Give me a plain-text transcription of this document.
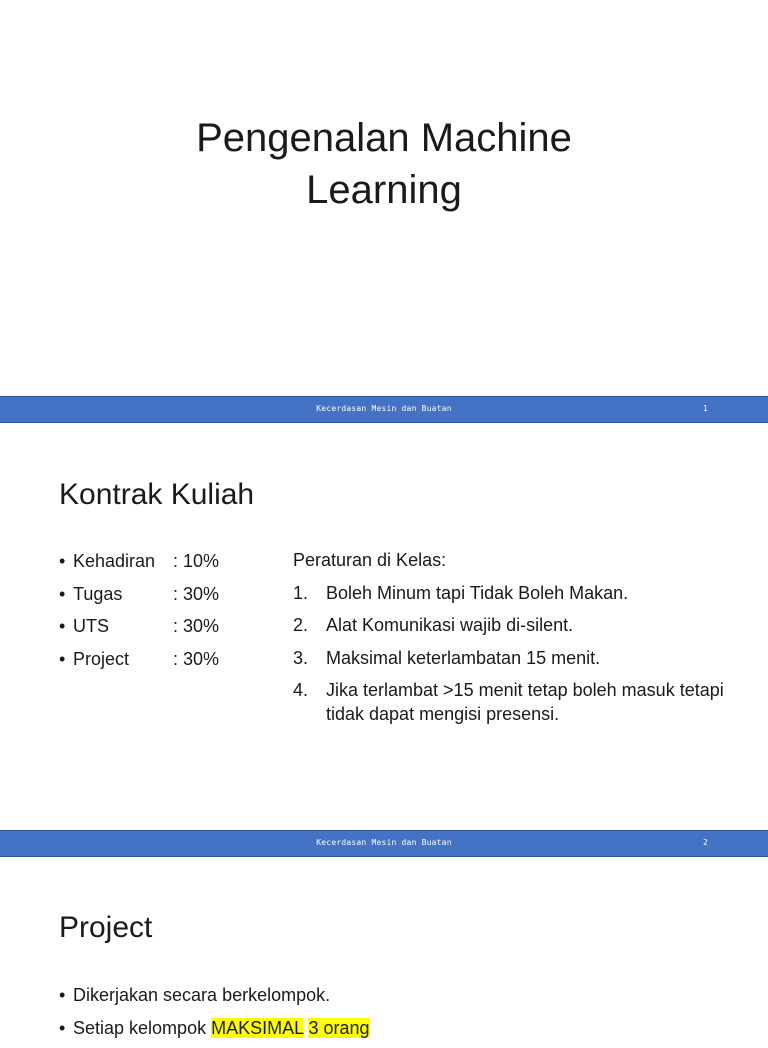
Pengenalan Machine
Learning
Kecerdasan Mesin dan Buatan	1
Kontrak Kuliah
• Kehadiran : 10%
• Tugas	: 30%
• UTS	: 30%
• Project : 30%
Peraturan di Kelas:
1. Boleh Minum tapi Tidak Boleh Makan.
2. Alat Komunikasi wajib di-silent.
3. Maksimal keterlambatan 15 menit.
4. Jika terlambat >15 menit tetap boleh masuk tetapi tidak dapat mengisi presensi.
Kecerdasan Mesin dan Buatan	2
Project
• Dikerjakan secara berkelompok.
• Setiap kelompok MAKSIMAL 3 orang
